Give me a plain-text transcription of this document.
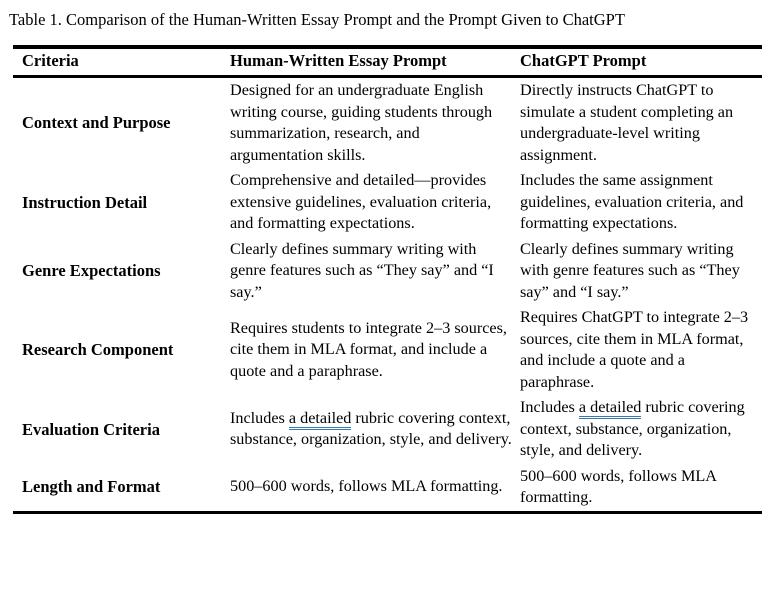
Table 1. Comparison of the Human-Written Essay Prompt and the Prompt Given to ChatGPT
Criteria	Human-Written Essay Prompt	ChatGPT Prompt
Context and Purpose	Designed for an undergraduate English writing course, guiding students through summarization, research, and argumentation skills.	Directly instructs ChatGPT to simulate a student completing an undergraduate-level writing assignment.
Instruction Detail	Comprehensive and detailed—provides extensive guidelines, evaluation criteria, and formatting expectations.	Includes the same assignment guidelines, evaluation criteria, and formatting expectations.
Genre Expectations	Clearly defines summary writing with genre features such as “They say” and “I say.”	Clearly defines summary writing with genre features such as “They say” and “I say.”
Research Component	Requires students to integrate 2–3 sources, cite them in MLA format, and include a quote and a paraphrase.	Requires ChatGPT to integrate 2–3 sources, cite them in MLA format, and include a quote and a paraphrase.
Evaluation Criteria	Includes a detailed rubric covering context, substance, organization, style, and delivery.	Includes a detailed rubric covering context, substance, organization, style, and delivery.
Length and Format	500–600 words, follows MLA formatting.	500–600 words, follows MLA formatting.
